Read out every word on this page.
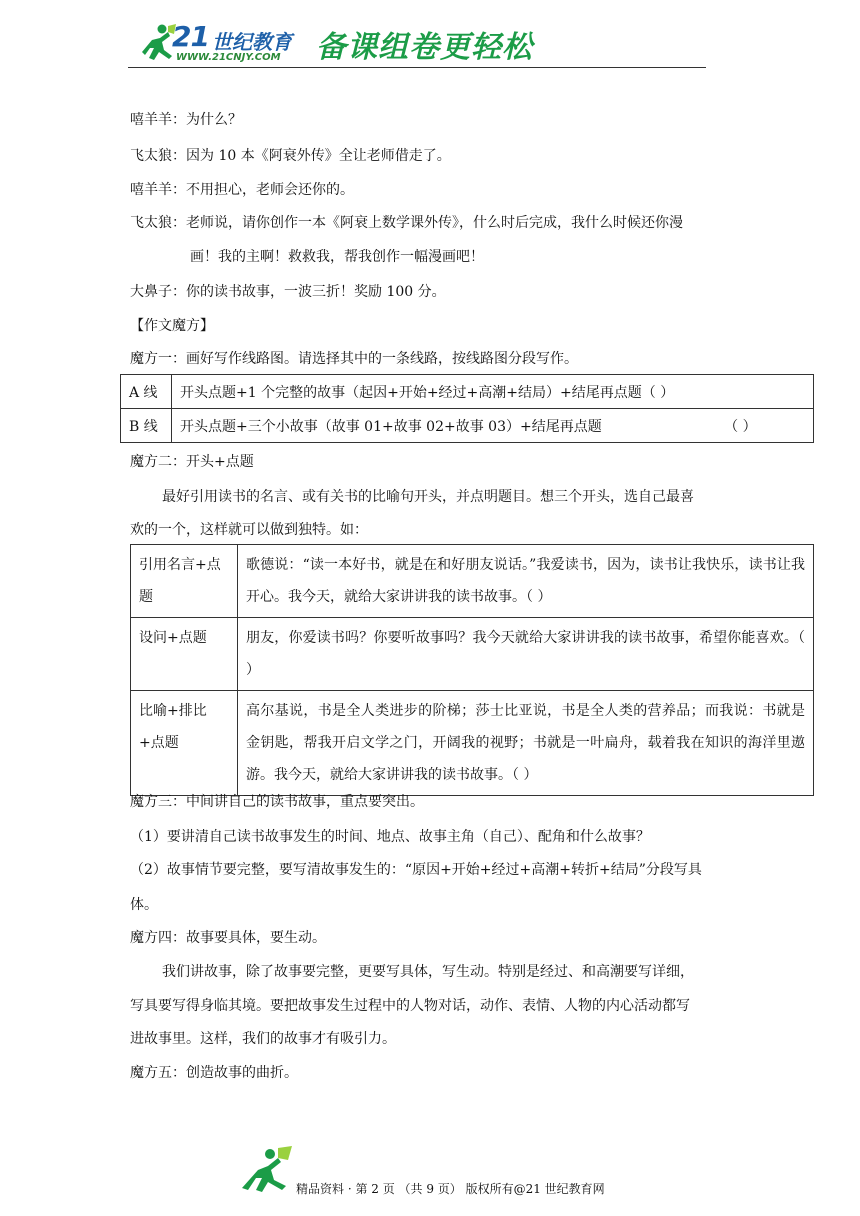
21 世纪教育
WWW.21CNJY.COM 备课组卷更轻松
嘻羊羊：为什么？
飞太狼：因为 10 本《阿衰外传》全让老师借走了。
嘻羊羊：不用担心，老师会还你的。
飞太狼：老师说，请你创作一本《阿衰上数学课外传》，什么时后完成，我什么时候还你漫
画！我的主啊！救救我，帮我创作一幅漫画吧！
大鼻子：你的读书故事，一波三折！奖励 100 分。
【作文魔方】
魔方一：画好写作线路图。请选择其中的一条线路，按线路图分段写作。
A 线	开头点题+1 个完整的故事（起因+开始+经过+高潮+结局）+结尾再点题（ ）
B 线	开头点题+三个小故事（故事 01+故事 02+故事 03）+结尾再点题 （ ）
魔方二：开头+点题
最好引用读书的名言、或有关书的比喻句开头，并点明题目。想三个开头，选自己最喜
欢的一个，这样就可以做到独特。如：
引用名言+点题	歌德说：“读一本好书，就是在和好朋友说话。”我爱读书，因为，读书让我快乐，读书让我开心。我今天，就给大家讲讲我的读书故事。（ ）
设问+点题	朋友，你爱读书吗？你要听故事吗？我今天就给大家讲讲我的读书故事，希望你能喜欢。（ ）
比喻+排比+点题	高尔基说，书是全人类进步的阶梯；莎士比亚说，书是全人类的营养品；而我说：书就是金钥匙，帮我开启文学之门，开阔我的视野；书就是一叶扁舟，载着我在知识的海洋里遨游。我今天，就给大家讲讲我的读书故事。（ ）
魔方三：中间讲自己的读书故事，重点要突出。
（1）要讲清自己读书故事发生的时间、地点、故事主角（自己）、配角和什么故事？
（2）故事情节要完整，要写清故事发生的：“原因+开始+经过+高潮+转折+结局”分段写具
体。
魔方四：故事要具体，要生动。
我们讲故事，除了故事要完整，更要写具体，写生动。特别是经过、和高潮要写详细，
写具要写得身临其境。要把故事发生过程中的人物对话，动作、表情、人物的内心活动都写
进故事里。这样，我们的故事才有吸引力。
魔方五：创造故事的曲折。
精品资料 · 第 2 页 （共 9 页） 版权所有@21 世纪教育网
